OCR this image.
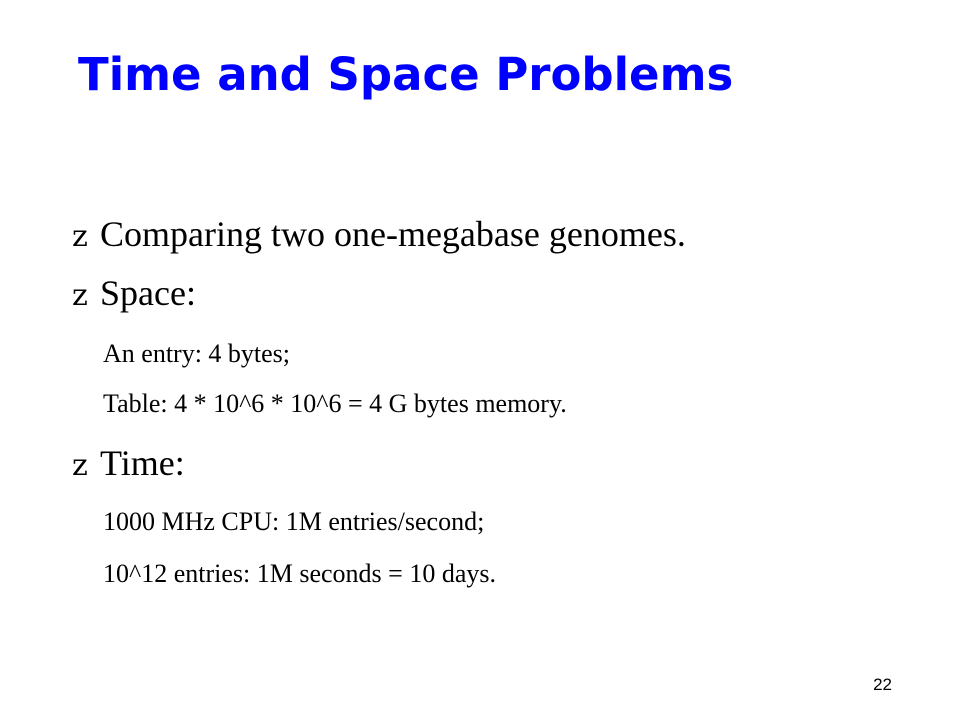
Time and Space Problems
z Comparing two one-megabase genomes.
z Space:
An entry: 4 bytes;
Table: 4 * 10^6 * 10^6 = 4 G bytes memory.
z Time:
1000 MHz CPU: 1M entries/second;
10^12 entries: 1M seconds = 10 days.
22
